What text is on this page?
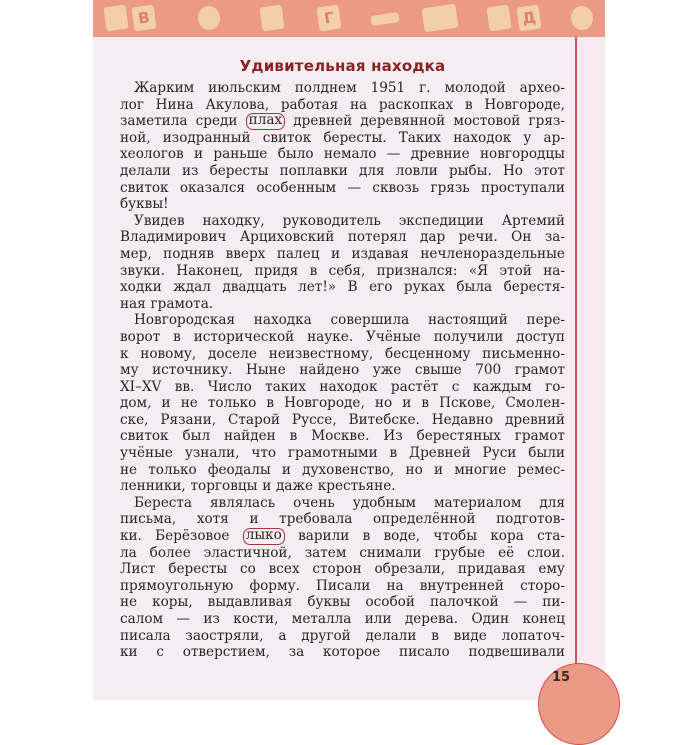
В	Г	Д
Удивительная находка
Жарким июльским полднем 1951 г. молодой архео-
лог Нина Акулова, работая на раскопках в Новгороде,
заметила среди плах древней деревянной мостовой гряз-
ной, изодранный свиток бересты. Таких находок у ар-
хеологов и раньше было немало — древние новгородцы
делали из бересты поплавки для ловли рыбы. Но этот
свиток оказался особенным — сквозь грязь проступали
буквы!
Увидев находку, руководитель экспедиции Артемий
Владимирович Арциховский потерял дар речи. Он за-
мер, подняв вверх палец и издавая нечленораздельные
звуки. Наконец, придя в себя, признался: «Я этой на-
ходки ждал двадцать лет!» В его руках была берестя-
ная грамота.
Новгородская находка совершила настоящий пере-
ворот в исторической науке. Учёные получили доступ
к новому, доселе неизвестному, бесценному письменно-
му источнику. Ныне найдено уже свыше 700 грамот
XI–XV вв. Число таких находок растёт с каждым го-
дом, и не только в Новгороде, но и в Пскове, Смолен-
ске, Рязани, Старой Руссе, Витебске. Недавно древний
свиток был найден в Москве. Из берестяных грамот
учёные узнали, что грамотными в Древней Руси были
не только феодалы и духовенство, но и многие ремес-
ленники, торговцы и даже крестьяне.
Береста являлась очень удобным материалом для
письма, хотя и требовала определённой подготов-
ки. Берёзовое лыко варили в воде, чтобы кора ста-
ла более эластичной, затем снимали грубые её слои.
Лист бересты со всех сторон обрезали, придавая ему
прямоугольную форму. Писали на внутренней сторо-
не коры, выдавливая буквы особой палочкой — пи-
салом — из кости, металла или дерева. Один конец
писала заостряли, а другой делали в виде лопаточ-
ки с отверстием, за которое писало подвешивали
15
